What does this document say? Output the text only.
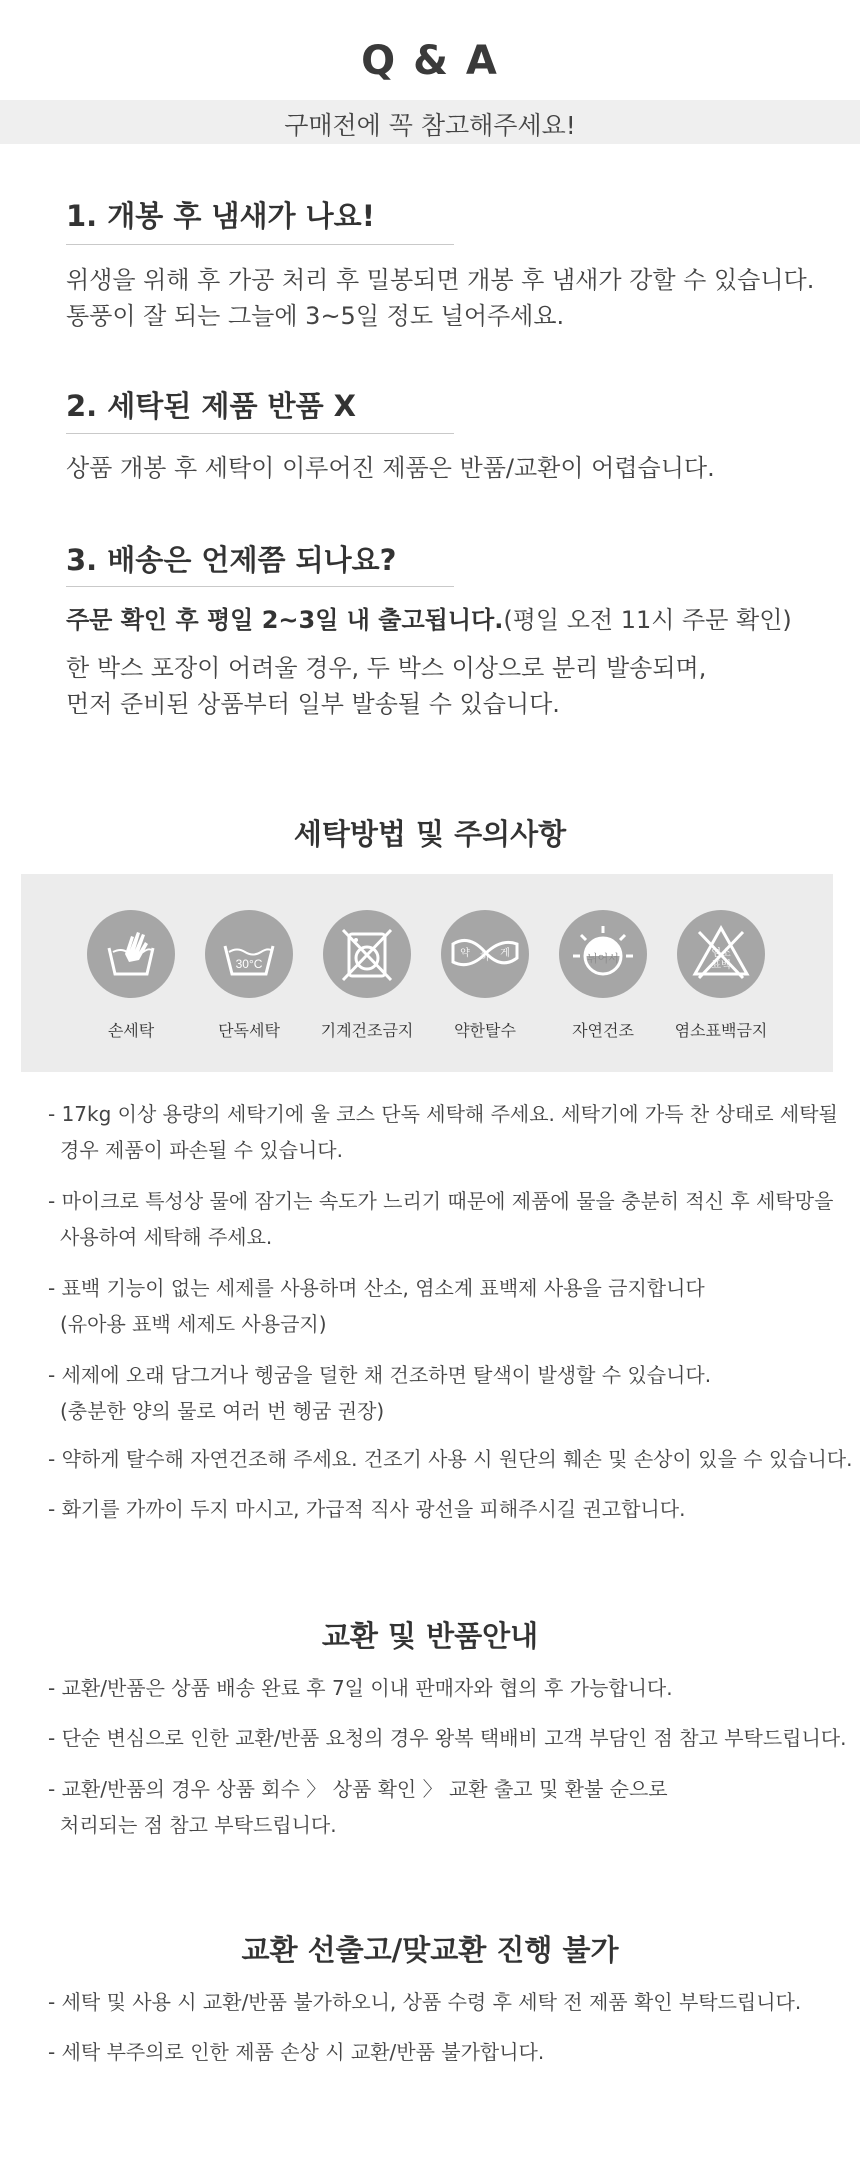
Q & A
구매전에 꼭 참고해주세요!
1. 개봉 후 냄새가 나요!
위생을 위해 후 가공 처리 후 밀봉되면 개봉 후 냄새가 강할 수 있습니다.
통풍이 잘 되는 그늘에 3~5일 정도 널어주세요.
2. 세탁된 제품 반품 X
상품 개봉 후 세탁이 이루어진 제품은 반품/교환이 어렵습니다.
3. 배송은 언제쯤 되나요?
주문 확인 후 평일 2~3일 내 출고됩니다.(평일 오전 11시 주문 확인)
한 박스 포장이 어려울 경우, 두 박스 이상으로 분리 발송되며,
먼저 준비된 상품부터 일부 발송될 수 있습니다.
세탁방법 및 주의사항
손세탁
30°C
단독세탁	기계건조금지
약 하 게
약한탈수
뉘어서
자연건조
염소
표백
염소표백금지
- 17kg 이상 용량의 세탁기에 울 코스 단독 세탁해 주세요. 세탁기에 가득 찬 상태로 세탁될
경우 제품이 파손될 수 있습니다.
- 마이크로 특성상 물에 잠기는 속도가 느리기 때문에 제품에 물을 충분히 적신 후 세탁망을
사용하여 세탁해 주세요.
- 표백 기능이 없는 세제를 사용하며 산소, 염소계 표백제 사용을 금지합니다
(유아용 표백 세제도 사용금지)
- 세제에 오래 담그거나 헹굼을 덜한 채 건조하면 탈색이 발생할 수 있습니다.
(충분한 양의 물로 여러 번 헹굼 권장)
- 약하게 탈수해 자연건조해 주세요. 건조기 사용 시 원단의 훼손 및 손상이 있을 수 있습니다.
- 화기를 가까이 두지 마시고, 가급적 직사 광선을 피해주시길 권고합니다.
교환 및 반품안내
- 교환/반품은 상품 배송 완료 후 7일 이내 판매자와 협의 후 가능합니다.
- 단순 변심으로 인한 교환/반품 요청의 경우 왕복 택배비 고객 부담인 점 참고 부탁드립니다.
- 교환/반품의 경우 상품 회수 〉 상품 확인 〉 교환 출고 및 환불 순으로
처리되는 점 참고 부탁드립니다.
교환 선출고/맞교환 진행 불가
- 세탁 및 사용 시 교환/반품 불가하오니, 상품 수령 후 세탁 전 제품 확인 부탁드립니다.
- 세탁 부주의로 인한 제품 손상 시 교환/반품 불가합니다.
